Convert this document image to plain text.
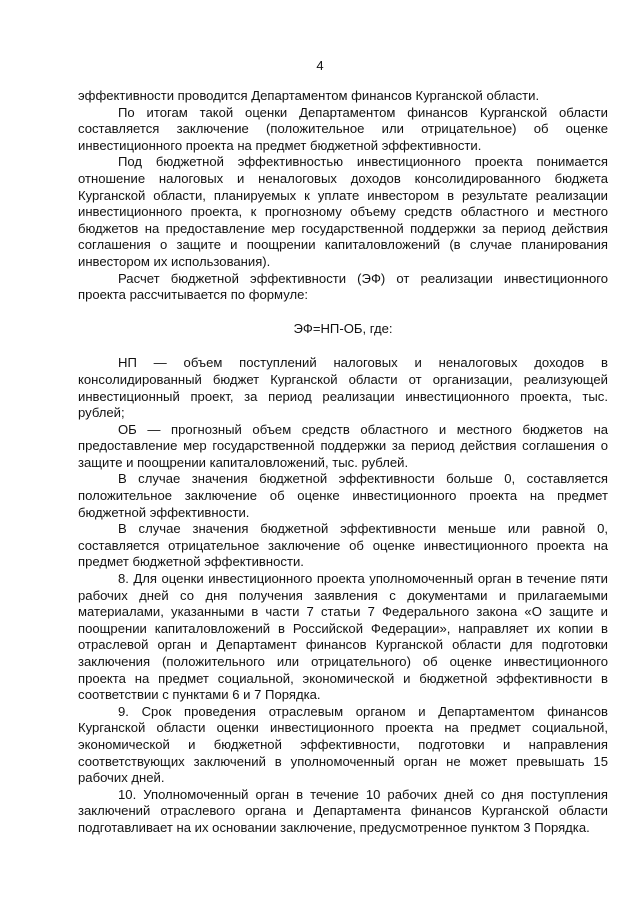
4

эффективности проводится Департаментом финансов Курганской области.

По итогам такой оценки Департаментом финансов Курганской области составляется заключение (положительное или отрицательное) об оценке инвестиционного проекта на предмет бюджетной эффективности.

Под бюджетной эффективностью инвестиционного проекта понимается отношение налоговых и неналоговых доходов консолидированного бюджета Курганской области, планируемых к уплате инвестором в результате реализации инвестиционного проекта, к прогнозному объему средств областного и местного бюджетов на предоставление мер государственной поддержки за период действия соглашения о защите и поощрении капиталовложений (в случае планирования инвестором их использования).

Расчет бюджетной эффективности (ЭФ) от реализации инвестиционного проекта рассчитывается по формуле:

ЭФ=НП-ОБ, где:

НП — объем поступлений налоговых и неналоговых доходов в консолидированный бюджет Курганской области от организации, реализующей инвестиционный проект, за период реализации инвестиционного проекта, тыс. рублей;

ОБ — прогнозный объем средств областного и местного бюджетов на предоставление мер государственной поддержки за период действия соглашения о защите и поощрении капиталовложений, тыс. рублей.

В случае значения бюджетной эффективности больше 0, составляется положительное заключение об оценке инвестиционного проекта на предмет бюджетной эффективности.

В случае значения бюджетной эффективности меньше или равной 0, составляется отрицательное заключение об оценке инвестиционного проекта на предмет бюджетной эффективности.

8. Для оценки инвестиционного проекта уполномоченный орган в течение пяти рабочих дней со дня получения заявления с документами и прилагаемыми материалами, указанными в части 7 статьи 7 Федерального закона «О защите и поощрении капиталовложений в Российской Федерации», направляет их копии в отраслевой орган и Департамент финансов Курганской области для подготовки заключения (положительного или отрицательного) об оценке инвестиционного проекта на предмет социальной, экономической и бюджетной эффективности в соответствии с пунктами 6 и 7 Порядка.

9. Срок проведения отраслевым органом и Департаментом финансов Курганской области оценки инвестиционного проекта на предмет социальной, экономической и бюджетной эффективности, подготовки и направления соответствующих заключений в уполномоченный орган не может превышать 15 рабочих дней.

10. Уполномоченный орган в течение 10 рабочих дней со дня поступления заключений отраслевого органа и Департамента финансов Курганской области подготавливает на их основании заключение, предусмотренное пунктом 3 Порядка.
